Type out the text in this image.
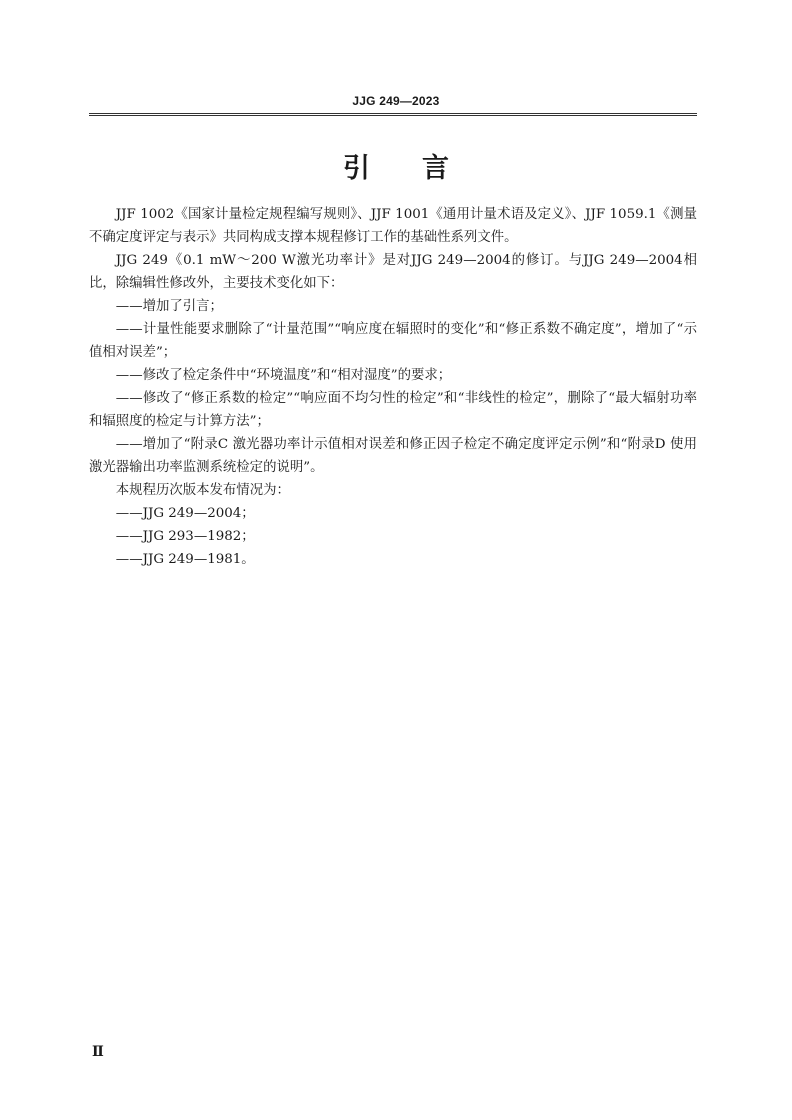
JJG 249—2023
引言

JJF 1002《国家计量检定规程编写规则》、JJF 1001《通用计量术语及定义》、JJF 1059.1《测量不确定度评定与表示》共同构成支撑本规程修订工作的基础性系列文件。

JJG 249《0.1 mW～200 W激光功率计》是对JJG 249—2004的修订。与JJG 249—2004相比，除编辑性修改外，主要技术变化如下：

——增加了引言；

——计量性能要求删除了“计量范围”“响应度在辐照时的变化”和“修正系数不确定度”，增加了“示值相对误差”；

——修改了检定条件中“环境温度”和“相对湿度”的要求；

——修改了“修正系数的检定”“响应面不均匀性的检定”和“非线性的检定”，删除了“最大辐射功率和辐照度的检定与计算方法”；

——增加了“附录C 激光器功率计示值相对误差和修正因子检定不确定度评定示例”和“附录D 使用激光器输出功率监测系统检定的说明”。

本规程历次版本发布情况为：

——JJG 249—2004；

——JJG 293—1982；

——JJG 249—1981。

Ⅱ
